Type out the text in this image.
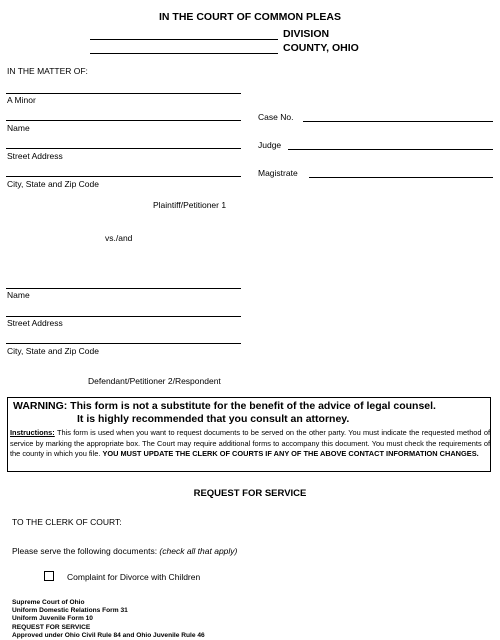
IN THE COURT OF COMMON PLEAS
DIVISION
COUNTY, OHIO
IN THE MATTER OF:
A Minor
Name
Street Address
City, State and Zip Code
Plaintiff/Petitioner 1
Case No.
Judge
Magistrate
vs./and
Name
Street Address
City, State and Zip Code
Defendant/Petitioner 2/Respondent
WARNING: This form is not a substitute for the benefit of the advice of legal counsel.
It is highly recommended that you consult an attorney.
Instructions: This form is used when you want to request documents to be served on the other party. You must indicate the requested method of service by marking the appropriate box. The Court may require additional forms to accompany this document. You must check the requirements of the county in which you file. YOU MUST UPDATE THE CLERK OF COURTS IF ANY OF THE ABOVE CONTACT INFORMATION CHANGES.
REQUEST FOR SERVICE
TO THE CLERK OF COURT:
Please serve the following documents: (check all that apply)
Complaint for Divorce with Children
Supreme Court of Ohio
Uniform Domestic Relations Form 31
Uniform Juvenile Form 10
REQUEST FOR SERVICE
Approved under Ohio Civil Rule 84 and Ohio Juvenile Rule 46
